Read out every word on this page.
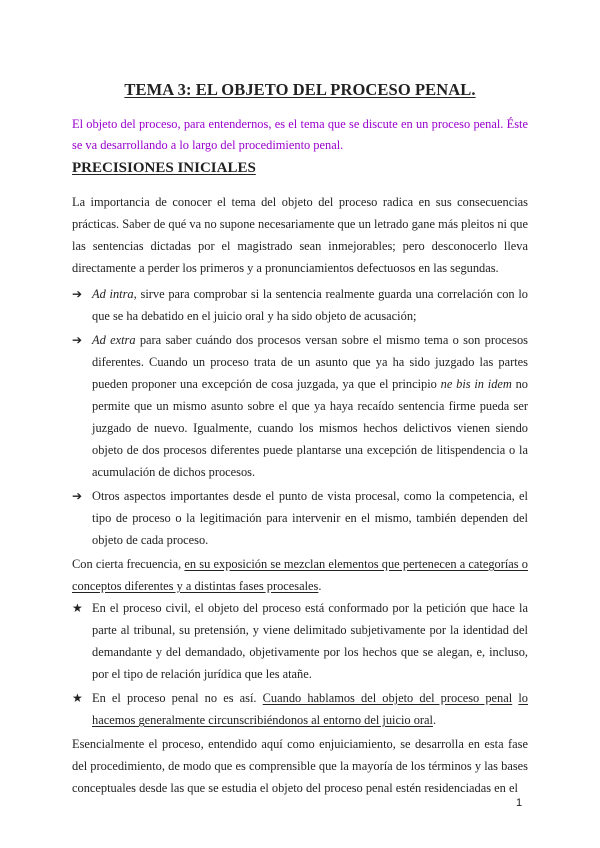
TEMA 3: EL OBJETO DEL PROCESO PENAL.
El objeto del proceso, para entendernos, es el tema que se discute en un proceso penal. Éste se va desarrollando a lo largo del procedimiento penal.
PRECISIONES INICIALES

La importancia de conocer el tema del objeto del proceso radica en sus consecuencias prácticas. Saber de qué va no supone necesariamente que un letrado gane más pleitos ni que las sentencias dictadas por el magistrado sean inmejorables; pero desconocerlo lleva directamente a perder los primeros y a pronunciamientos defectuosos en las segundas.

➔ Ad intra, sirve para comprobar si la sentencia realmente guarda una correlación con lo que se ha debatido en el juicio oral y ha sido objeto de acusación;
➔ Ad extra para saber cuándo dos procesos versan sobre el mismo tema o son procesos diferentes. Cuando un proceso trata de un asunto que ya ha sido juzgado las partes pueden proponer una excepción de cosa juzgada, ya que el principio ne bis in idem no permite que un mismo asunto sobre el que ya haya recaído sentencia firme pueda ser juzgado de nuevo. Igualmente, cuando los mismos hechos delictivos vienen siendo objeto de dos procesos diferentes puede plantarse una excepción de litispendencia o la acumulación de dichos procesos.
➔ Otros aspectos importantes desde el punto de vista procesal, como la competencia, el tipo de proceso o la legitimación para intervenir en el mismo, también dependen del objeto de cada proceso.

Con cierta frecuencia, en su exposición se mezclan elementos que pertenecen a categorías o conceptos diferentes y a distintas fases procesales.

★ En el proceso civil, el objeto del proceso está conformado por la petición que hace la parte al tribunal, su pretensión, y viene delimitado subjetivamente por la identidad del demandante y del demandado, objetivamente por los hechos que se alegan, e, incluso, por el tipo de relación jurídica que les atañe.
★ En el proceso penal no es así. Cuando hablamos del objeto del proceso penal lo hacemos generalmente circunscribiéndonos al entorno del juicio oral.

Esencialmente el proceso, entendido aquí como enjuiciamiento, se desarrolla en esta fase del procedimiento, de modo que es comprensible que la mayoría de los términos y las bases conceptuales desde las que se estudia el objeto del proceso penal estén residenciadas en el

1
